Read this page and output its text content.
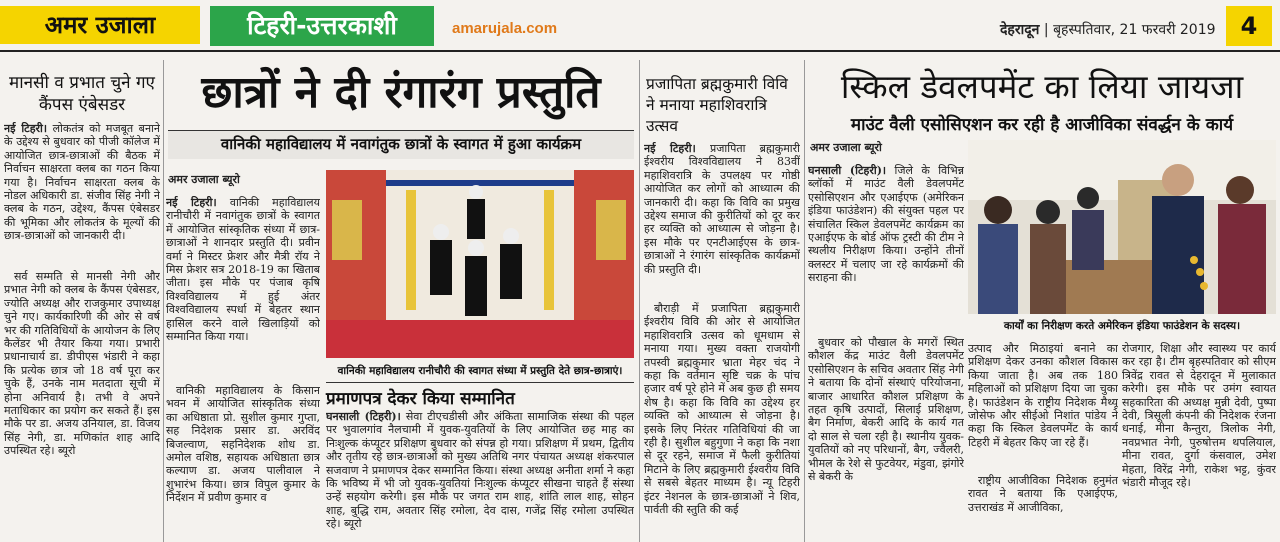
अमर उजाला	टिहरी-उत्तरकाशी	amarujala.com	देहरादून | बृहस्पतिवार, 21 फरवरी 2019	4
मानसी व प्रभात चुने गए कैंपस एंबेसडर

नई टिहरी। लोकतंत्र को मजबूत बनाने के उद्देश्य से बुधवार को पीजी कॉलेज में आयोजित छात्र-छात्राओं की बैठक में निर्वाचन साक्षरता क्लब का गठन किया गया है। निर्वाचन साक्षरता क्लब के नोडल अधिकारी डा. संजीव सिंह नेगी ने क्लब के गठन, उद्देश्य, कैंपस एंबेसडर की भूमिका और लोकतंत्र के मूल्यों की छात्र-छात्राओं को जानकारी दी।

सर्व सम्मति से मानसी नेगी और प्रभात नेगी को क्लब के कैंपस एंबेसडर, ज्योति अध्यक्ष और राजकुमार उपाध्यक्ष चुने गए। कार्यकारिणी की ओर से वर्ष भर की गतिविधियों के आयोजन के लिए कैलेंडर भी तैयार किया गया। प्रभारी प्रधानाचार्य डा. डीपीएस भंडारी ने कहा कि प्रत्येक छात्र जो 18 वर्ष पूरा कर चुके हैं, उनके नाम मतदाता सूची में होना अनिवार्य है। तभी वे अपने मताधिकार का प्रयोग कर सकते हैं। इस मौके पर डा. अजय उनियाल, डा. विजय सिंह नेगी, डा. मणिकांत शाह आदि उपस्थित रहे। ब्यूरो

छात्रों ने दी रंगारंग प्रस्तुति
वानिकी महाविद्यालय में नवागंतुक छात्रों के स्वागत में हुआ कार्यक्रम
अमर उजाला ब्यूरो

नई टिहरी। वानिकी महाविद्यालय रानीचौरी में नवागंतुक छात्रों के स्वागत में आयोजित सांस्कृतिक संध्या में छात्र-छात्राओं ने शानदार प्रस्तुति दी। प्रवीन वर्मा ने मिस्टर फ्रेशर और मैत्री रॉय ने मिस फ्रेशर सत्र 2018-19 का खिताब जीता। इस मौके पर पंजाब कृषि विश्वविद्यालय में हुई अंतर विश्वविद्यालय स्पर्धा में बेहतर स्थान हासिल करने वाले खिलाड़ियों को सम्मानित किया गया।

वानिकी महाविद्यालय के किसान भवन में आयोजित सांस्कृतिक संध्या का अधिष्ठाता प्रो. सुशील कुमार गुप्ता, सह निदेशक प्रसार डा. अरविंद बिजल्वाण, सहनिदेशक शोध डा. अमोल वशिष्ठ, सहायक अधिष्ठाता छात्र कल्याण डा. अजय पालीवाल ने शुभारंभ किया। छात्र विपुल कुमार के निर्देशन में प्रवीण कुमार व

वानिकी महाविद्यालय रानीचौरी की स्वागत संध्या में प्रस्तुति देते छात्र-छात्राएं।
प्रमाणपत्र देकर किया सम्मानित

घनसाली (टिहरी)। सेवा टीएचडीसी और अंकिता सामाजिक संस्था की पहल पर भुवालगांव नैलचामी में युवक-युवतियों के लिए आयोजित छह माह का निःशुल्क कंप्यूटर प्रशिक्षण बुधवार को संपन्न हो गया। प्रशिक्षण में प्रथम, द्वितीय और तृतीय रहे छात्र-छात्राओं को मुख्य अतिथि नगर पंचायत अध्यक्ष शंकरपाल सजवाण ने प्रमाणपत्र देकर सम्मानित किया। संस्था अध्यक्ष अनीता शर्मा ने कहा कि भविष्य में भी जो युवक-युवतियां निःशुल्क कंप्यूटर सीखना चाहते हैं संस्था उन्हें सहयोग करेगी। इस मौके पर जगत राम शाह, शांति लाल शाह, सोहन शाह, बुद्धि राम, अवतार सिंह रमोला, देव दास, गजेंद्र सिंह रमोला उपस्थित रहे। ब्यूरो

प्रजापिता ब्रह्मकुमारी विवि ने मनाया महाशिवरात्रि उत्सव

नई टिहरी। प्रजापिता ब्रह्मकुमारी ईश्वरीय विश्वविद्यालय ने 83वीं महाशिवरात्रि के उपलक्ष्य पर गोष्ठी आयोजित कर लोगों को आध्यात्म की जानकारी दी। कहा कि विवि का प्रमुख उद्देश्य समाज की कुरीतियों को दूर कर हर व्यक्ति को आध्यात्म से जोड़ना है। इस मौके पर एनटीआईएस के छात्र-छात्राओं ने रंगारंग सांस्कृतिक कार्यक्रमों की प्रस्तुति दी।

बौराड़ी में प्रजापिता ब्रह्मकुमारी ईश्वरीय विवि की ओर से आयोजित महाशिवरात्रि उत्सव को धूमधाम से मनाया गया। मुख्य वक्ता राजयोगी तपस्वी ब्रह्मकुमार भ्राता मेहर चंद ने कहा कि वर्तमान सृष्टि चक्र के पांच हजार वर्ष पूरे होने में अब कुछ ही समय शेष है। कहा कि विवि का उद्देश्य हर व्यक्ति को आध्यात्म से जोड़ना है। इसके लिए निरंतर गतिविधियां की जा रही है। सुशील बहुगुणा ने कहा कि नशा से दूर रहने, समाज में फैली कुरीतियां मिटाने के लिए ब्रह्मकुमारी ईश्वरीय विवि से सबसे बेहतर माध्यम है। न्यू टिहरी इंटर नेशनल के छात्र-छात्राओं ने शिव, पार्वती की स्तुति की कई

स्किल डेवलपमेंट का लिया जायजा
माउंट वैली एसोसिएशन कर रही है आजीविका संवर्द्धन के कार्य
अमर उजाला ब्यूरो

घनसाली (टिहरी)। जिले के विभिन्न ब्लॉकों में माउंट वैली डेवलपमेंट एसोसिएशन और एआईएफ (अमेरिकन इंडिया फाउंडेशन) की संयुक्त पहल पर संचालित स्किल डेवलपमेंट कार्यक्रम का एआईएफ के बोर्ड ऑफ ट्रस्टी की टीम ने स्थलीय निरीक्षण किया। उन्होंने तीनों क्लस्टर में चलाए जा रहे कार्यक्रमों की सराहना की।

बुधवार को पौखाल के मगरों स्थित कौशल केंद्र माउंट वैली डेवलपमेंट एसोसिएशन के सचिव अवतार सिंह नेगी ने बताया कि दोनों संस्थाएं परियोजना, बाजार आधारित कौशल प्रशिक्षण के तहत कृषि उत्पादों, सिलाई प्रशिक्षण, बैग निर्माण, बेकरी आदि के कार्य गत दो साल से चला रही है। स्थानीय युवक-युवतियों को नए परिधानों, बैग, ज्वैलरी, भीमल के रेशे से फुटवेयर, मंडुवा, झंगोरे से बेकरी के

कार्यों का निरीक्षण करते अमेरिकन इंडिया फाउंडेशन के सदस्य।

उत्पाद और मिठाइयां बनाने का प्रशिक्षण देकर उनका कौशल विकास किया जाता है। अब तक 180 महिलाओं को प्रशिक्षण दिया जा चुका है। फाउंडेशन के राष्ट्रीय निदेशक मैथ्यू जोसेफ और सीईओ निशांत पांडेय ने कहा कि स्किल डेवलपमेंट के कार्य टिहरी में बेहतर किए जा रहे हैं।

राष्ट्रीय आजीविका निदेशक हनुमंत रावत ने बताया कि एआईएफ, उत्तराखंड में आजीविका,

रोजगार, शिक्षा और स्वास्थ्य पर कार्य कर रहा है। टीम बृहस्पतिवार को सीएम त्रिवेंद्र रावत से देहरादून में मुलाकात करेगी। इस मौके पर उमंग स्वायत सहकारिता की अध्यक्ष मुन्नी देवी, पुष्पा देवी, त्रिसूली कंपनी की निदेशक रंजना धनाई, मीना कैन्तुरा, त्रिलोक नेगी, नवप्रभात नेगी, पुरुषोत्तम थपलियाल, मीना रावत, दुर्गा कंसवाल, उमेश मेहता, विरेंद्र नेगी, राकेश भट्ट, कुंवर भंडारी मौजूद रहे।
